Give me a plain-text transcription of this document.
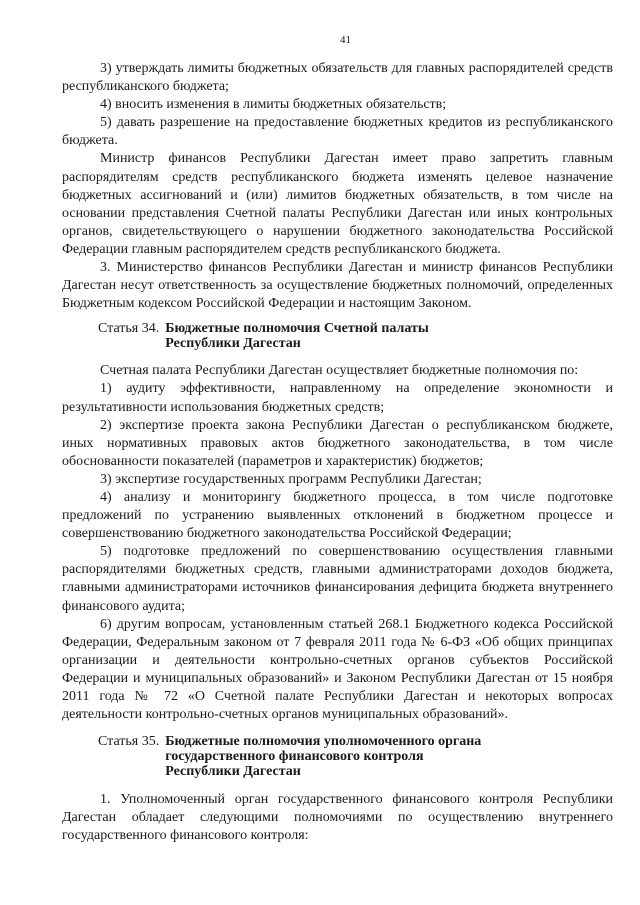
41

3) утверждать лимиты бюджетных обязательств для главных распорядителей средств республиканского бюджета;

4) вносить изменения в лимиты бюджетных обязательств;

5) давать разрешение на предоставление бюджетных кредитов из республиканского бюджета.

Министр финансов Республики Дагестан имеет право запретить главным распорядителям средств республиканского бюджета изменять целевое назначение бюджетных ассигнований и (или) лимитов бюджетных обязательств, в том числе на основании представления Счетной палаты Республики Дагестан или иных контрольных органов, свидетельствующего о нарушении бюджетного законодательства Российской Федерации главным распорядителем средств республиканского бюджета.

3. Министерство финансов Республики Дагестан и министр финансов Республики Дагестан несут ответственность за осуществление бюджетных полномочий, определенных Бюджетным кодексом Российской Федерации и настоящим Законом.

Статья 34. Бюджетные полномочия Счетной палаты
Республики Дагестан

Счетная палата Республики Дагестан осуществляет бюджетные полномочия по:

1) аудиту эффективности, направленному на определение экономности и результативности использования бюджетных средств;

2) экспертизе проекта закона Республики Дагестан о республиканском бюджете, иных нормативных правовых актов бюджетного законодательства, в том числе обоснованности показателей (параметров и характеристик) бюджетов;

3) экспертизе государственных программ Республики Дагестан;

4) анализу и мониторингу бюджетного процесса, в том числе подготовке предложений по устранению выявленных отклонений в бюджетном процессе и совершенствованию бюджетного законодательства Российской Федерации;

5) подготовке предложений по совершенствованию осуществления главными распорядителями бюджетных средств, главными администраторами доходов бюджета, главными администраторами источников финансирования дефицита бюджета внутреннего финансового аудита;

6) другим вопросам, установленным статьей 268.1 Бюджетного кодекса Российской Федерации, Федеральным законом от 7 февраля 2011 года № 6-ФЗ «Об общих принципах организации и деятельности контрольно-счетных органов субъектов Российской Федерации и муниципальных образований» и Законом Республики Дагестан от 15 ноября 2011 года № 72 «О Счетной палате Республики Дагестан и некоторых вопросах деятельности контрольно-счетных органов муниципальных образований».

Статья 35. Бюджетные полномочия уполномоченного органа
государственного финансового контроля
Республики Дагестан

1. Уполномоченный орган государственного финансового контроля Республики Дагестан обладает следующими полномочиями по осуществлению внутреннего государственного финансового контроля:
